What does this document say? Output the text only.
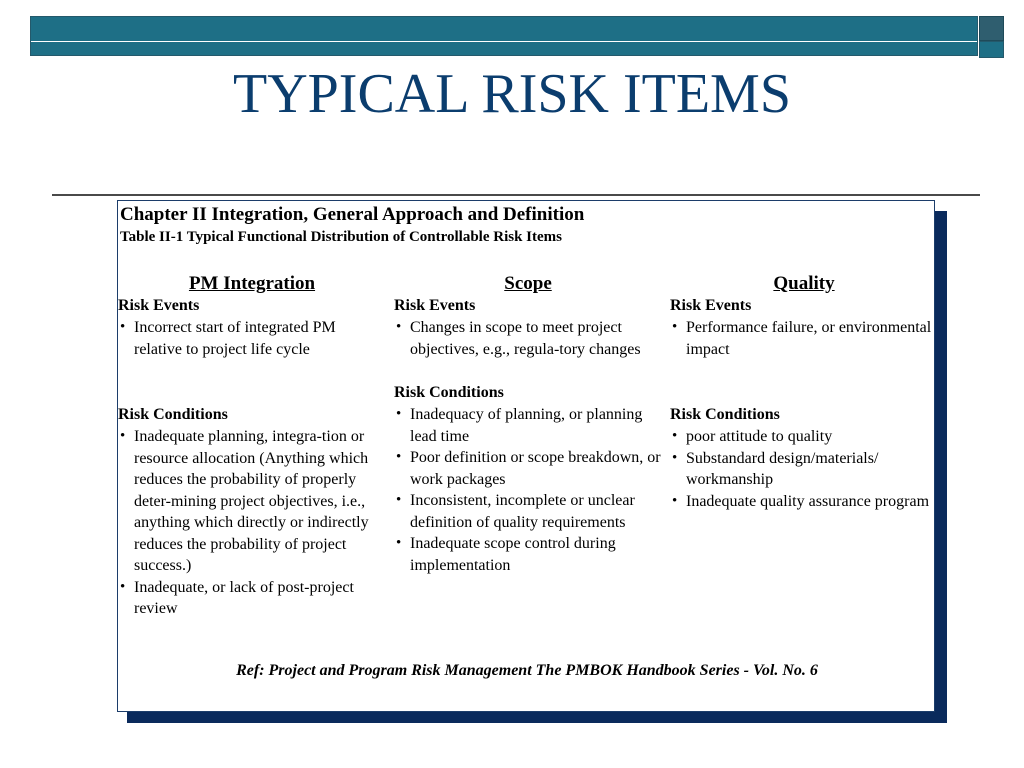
TYPICAL RISK ITEMS
Chapter II Integration, General Approach and Definition
Table II-1 Typical Functional Distribution of Controllable Risk Items
PM Integration
Risk Events
• Incorrect start of integrated PM relative to project life cycle
Risk Conditions
• Inadequate planning, integra-tion or resource allocation (Anything which reduces the probability of properly deter-mining project objectives, i.e., anything which directly or indirectly reduces the probability of project success.)
• Inadequate, or lack of post-project review
Scope
Risk Events
• Changes in scope to meet project objectives, e.g., regula-tory changes
Risk Conditions
• Inadequacy of planning, or planning lead time
• Poor definition or scope breakdown, or work packages
• Inconsistent, incomplete or unclear definition of quality requirements
• Inadequate scope control during implementation
Quality
Risk Events
• Performance failure, or environmental impact
Risk Conditions
• poor attitude to quality
• Substandard design/materials/ workmanship
• Inadequate quality assurance program
Ref: Project and Program Risk Management The PMBOK Handbook Series - Vol. No. 6
